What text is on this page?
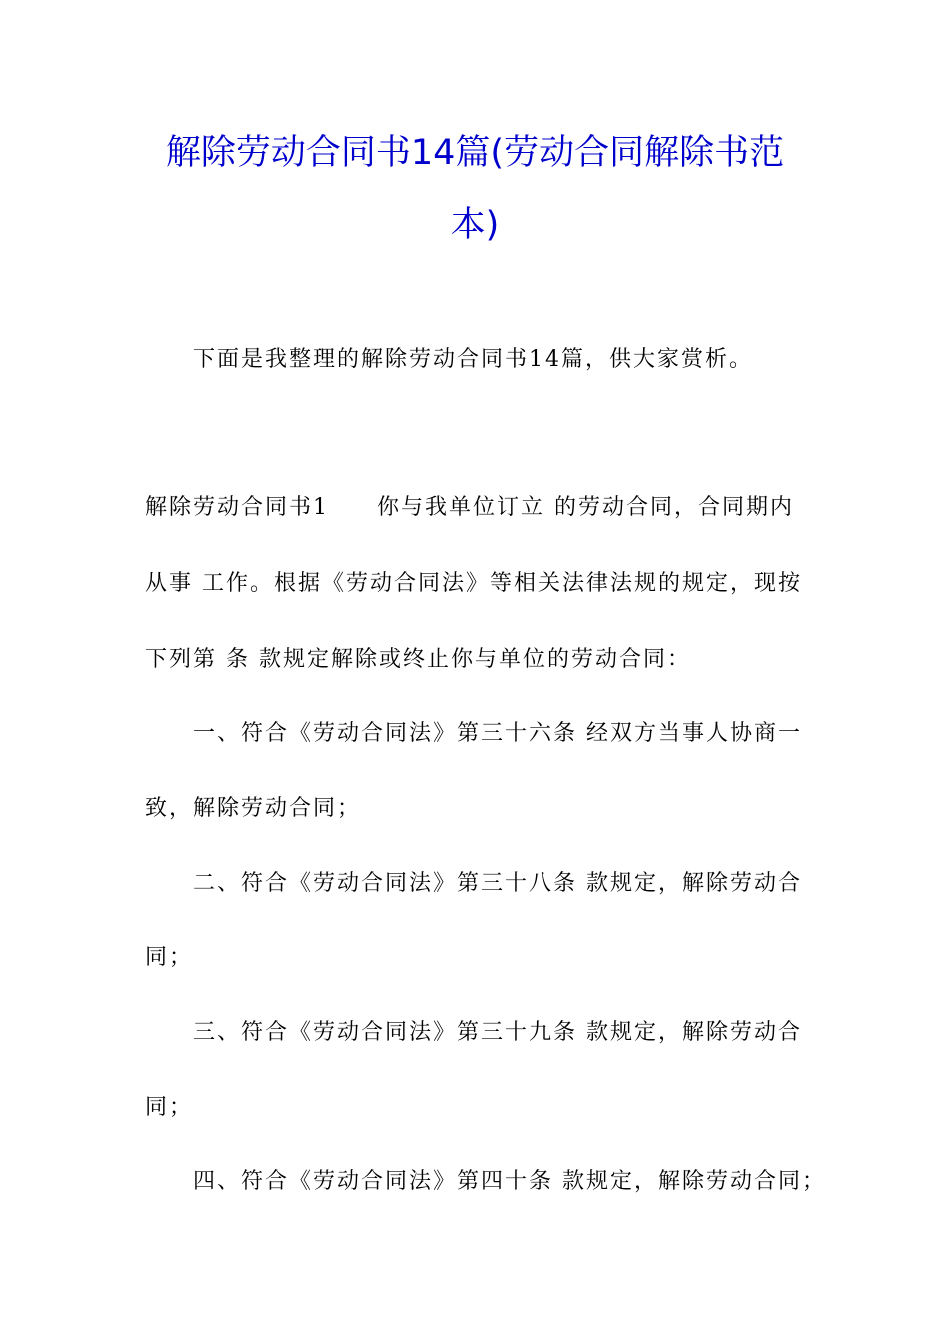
解除劳动合同书14篇(劳动合同解除书范
本)
下面是我整理的解除劳动合同书14篇，供大家赏析。
解除劳动合同书1　　你与我单位订立 的劳动合同，合同期内
从事 工作。根据《劳动合同法》等相关法律法规的规定，现按
下列第 条 款规定解除或终止你与单位的劳动合同：
一、符合《劳动合同法》第三十六条 经双方当事人协商一
致，解除劳动合同；
二、符合《劳动合同法》第三十八条 款规定，解除劳动合
同；
三、符合《劳动合同法》第三十九条 款规定，解除劳动合
同；
四、符合《劳动合同法》第四十条 款规定，解除劳动合同；
